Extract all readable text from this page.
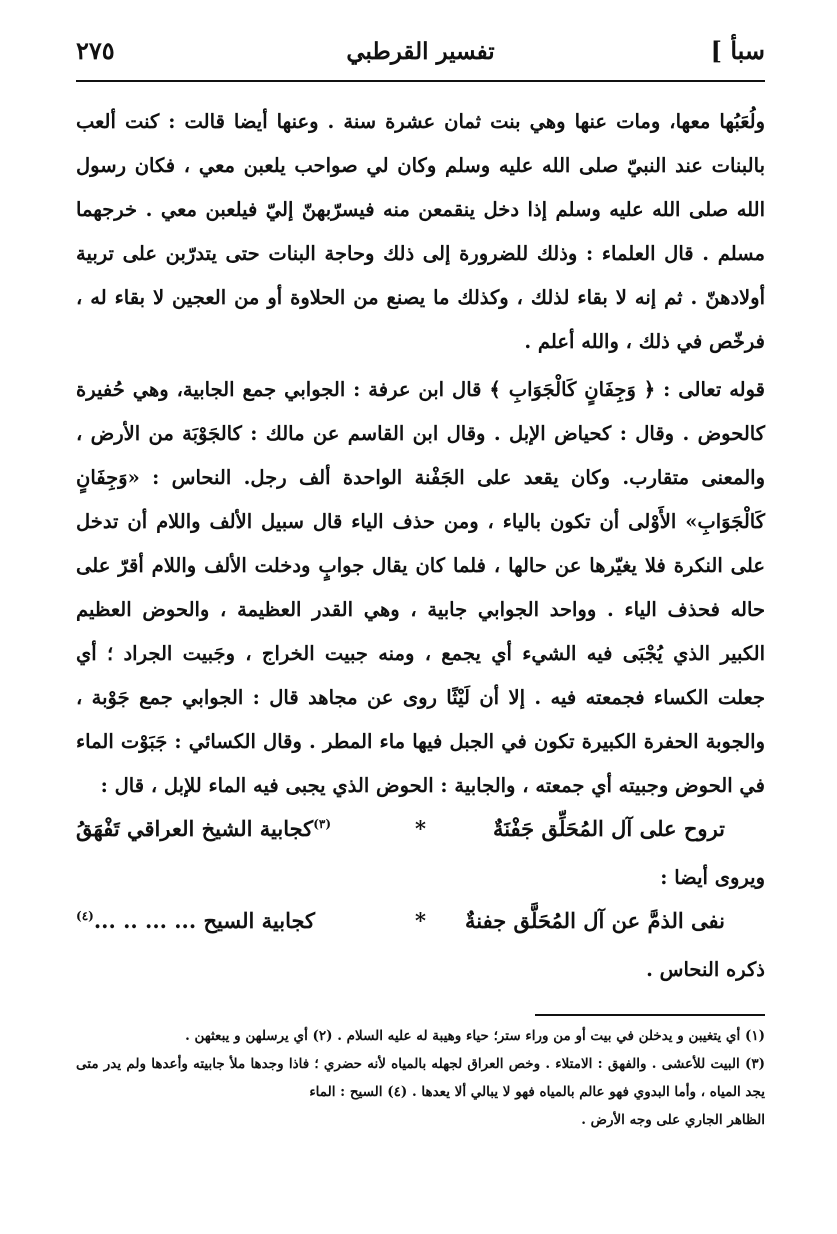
سبأ ]
تفسير القرطبي
٢٧٥
ولُعَبُها معها، ومات عنها وهي بنت ثمان عشرة سنة . وعنها أيضا قالت : كنت ألعب بالبنات عند النبيّ صلى الله عليه وسلم وكان لي صواحب يلعبن معي ، فكان رسول الله صلى الله عليه وسلم إذا دخل ينقمعن منه فيسرّبهنّ إليّ فيلعبن معي . خرجهما مسلم . قال العلماء : وذلك للضرورة إلى ذلك وحاجة البنات حتى يتدرّبن على تربية أولادهنّ . ثم إنه لا بقاء لذلك ، وكذلك ما يصنع من الحلاوة أو من العجين لا بقاء له ، فرخّص في ذلك ، والله أعلم .
قوله تعالى : ﴿ وَجِفَانٍ كَالْجَوَابِ ﴾ قال ابن عرفة : الجوابي جمع الجابية، وهي حُفيرة كالحوض . وقال : كحياض الإبل . وقال ابن القاسم عن مالك : كالجَوْبَة من الأرض ، والمعنى متقارب. وكان يقعد على الجَفْنة الواحدة ألف رجل. النحاس : «وَجِفَانٍ كَالْجَوَابِ» الأَوْلى أن تكون بالياء ، ومن حذف الياء قال سبيل الألف واللام أن تدخل على النكرة فلا يغيّرها عن حالها ، فلما كان يقال جوابٍ ودخلت الألف واللام أقرّ على حاله فحذف الياء . وواحد الجوابي جابية ، وهي القدر العظيمة ، والحوض العظيم الكبير الذي يُجْبَى فيه الشيء أي يجمع ، ومنه جبيت الخراج ، وجَبيت الجراد ؛ أي جعلت الكساء فجمعته فيه . إلا أن لَيْثًا روى عن مجاهد قال : الجوابي جمع جَوْبة ، والجوبة الحفرة الكبيرة تكون في الجبل فيها ماء المطر . وقال الكسائي : جَبَوْت الماء في الحوض وجبيته أي جمعته ، والجابية : الحوض الذي يجبى فيه الماء للإبل ، قال :
تروح على آل المُحَلِّق جَفْنَةٌ
*
$^{(٣)}$كجابية الشيخ العراقي تَفْهَقُ
ويروى أيضا :
نفى الذمَّ عن آل المُحَلَّق جفنةٌ
*
كجابية السيح ... ... .. ...$^{(٤)}$
ذكره النحاس .
(١) أي يتغيبن و يدخلن في بيت أو من وراء ستر؛ حياء وهيبة له عليه السلام . (٢) أي يرسلهن و يبعثهن .
(٣) البيت للأعشى . والفهق : الامتلاء . وخص العراق لجهله بالمياه لأنه حضري ؛ فاذا وجدها ملأ جابيته وأعدها ولم يدر متى يجد المياه ، وأما البدوي فهو عالم بالمياه فهو لا يبالي ألا يعدها . (٤) السيح : الماء
الظاهر الجاري على وجه الأرض .
